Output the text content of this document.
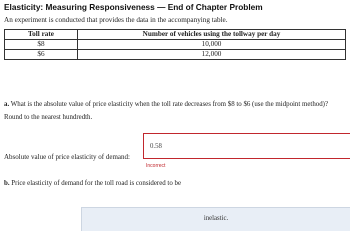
Elasticity: Measuring Responsiveness — End of Chapter Problem
An experiment is conducted that provides the data in the accompanying table.
Toll rate	Number of vehicles using the tollway per day
$8	10,000
$6	12,000
a. What is the absolute value of price elasticity when the toll rate decreases from $8 to $6 (use the midpoint method)?
Round to the nearest hundredth.
Absolute value of price elasticity of demand:
0.58
Incorrect
b. Price elasticity of demand for the toll road is considered to be
inelastic.
